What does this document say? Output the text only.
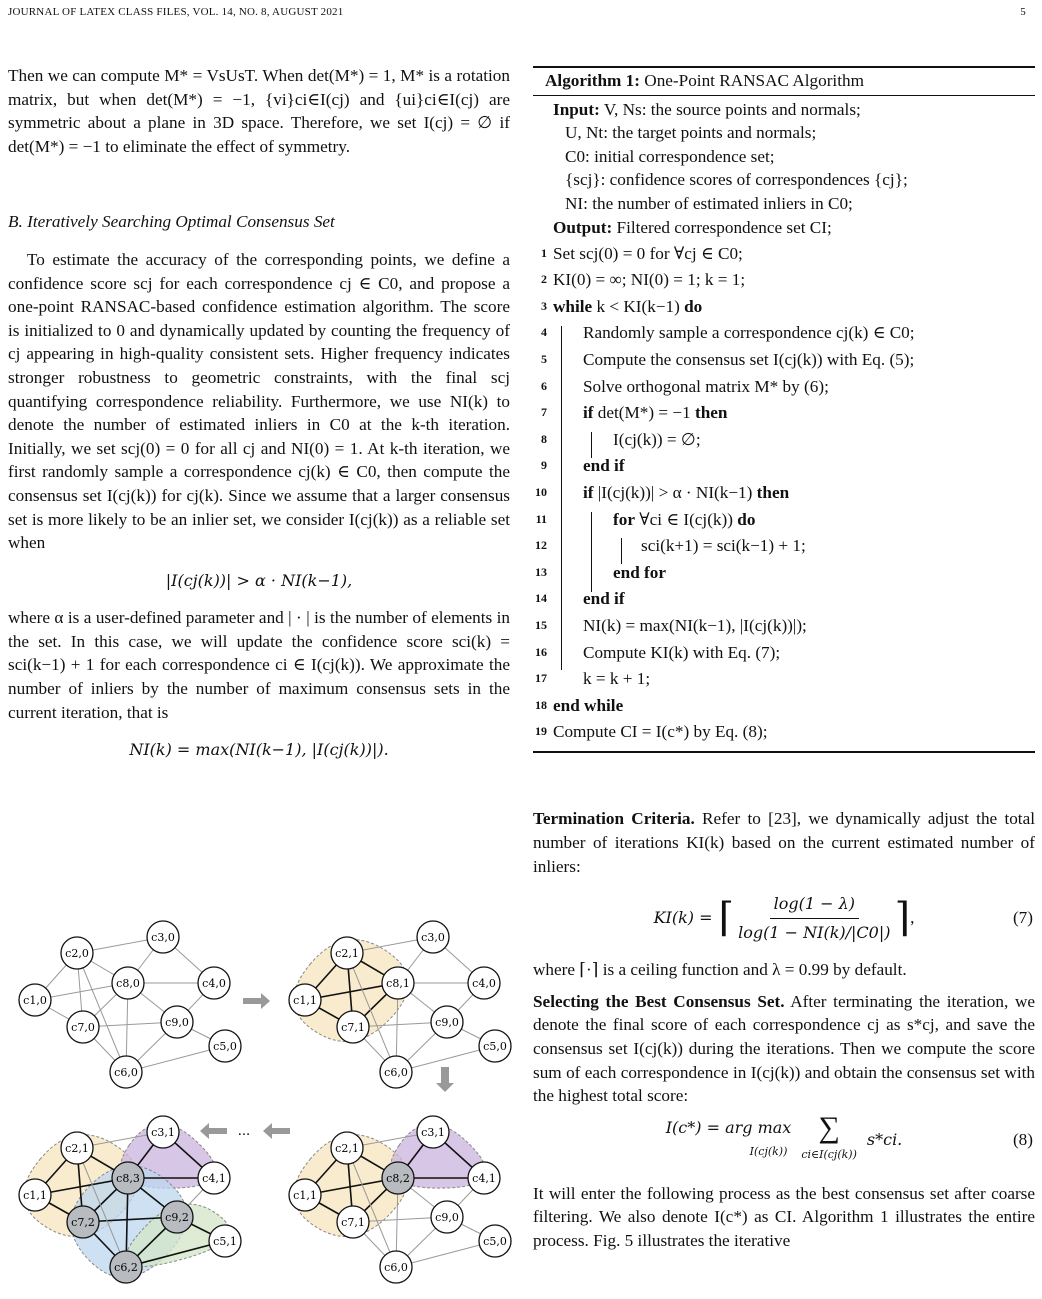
JOURNAL OF LATEX CLASS FILES, VOL. 14, NO. 8, AUGUST 2021	5

Then we can compute M* = VsUsT. When det(M*) = 1, M* is a rotation matrix, but when det(M*) = −1, {vi}ci∈I(cj) and {ui}ci∈I(cj) are symmetric about a plane in 3D space. Therefore, we set I(cj) = ∅ if det(M*) = −1 to eliminate the effect of symmetry.

B. Iteratively Searching Optimal Consensus Set

To estimate the accuracy of the corresponding points, we define a confidence score scj for each correspondence cj ∈ C0, and propose a one-point RANSAC-based confidence estimation algorithm. The score is initialized to 0 and dynamically updated by counting the frequency of cj appearing in high-quality consistent sets. Higher frequency indicates stronger robustness to geometric constraints, with the final scj quantifying correspondence reliability. Furthermore, we use NI(k) to denote the number of estimated inliers in C0 at the k-th iteration. Initially, we set scj(0) = 0 for all cj and NI(0) = 1. At k-th iteration, we first randomly sample a correspondence cj(k) ∈ C0, then compute the consensus set I(cj(k)) for cj(k). Since we assume that a larger consensus set is more likely to be an inlier set, we consider I(cj(k)) as a reliable set when

|I(cj(k))| > α · NI(k−1),

where α is a user-defined parameter and | · | is the number of elements in the set. In this case, we will update the confidence score sci(k) = sci(k−1) + 1 for each correspondence ci ∈ I(cj(k)). We approximate the number of inliers by the number of maximum consensus sets in the current iteration, that is

NI(k) = max(NI(k−1), |I(cj(k))|).
Algorithm 1: One-Point RANSAC Algorithm
Input: V, Ns: the source points and normals;
U, Nt: the target points and normals;
C0: initial correspondence set;
{scj}: confidence scores of correspondences {cj};
NI: the number of estimated inliers in C0;
Output: Filtered correspondence set CI;
1 Set scj(0) = 0 for ∀cj ∈ C0;
2 KI(0) = ∞; NI(0) = 1; k = 1;
3 while k < KI(k−1) do
4 Randomly sample a correspondence cj(k) ∈ C0;
5 Compute the consensus set I(cj(k)) with Eq. (5);
6 Solve orthogonal matrix M* by (6);
7 if det(M*) = −1 then
8	I(cj(k)) = ∅;
9 end if
10 if |I(cj(k))| > α · NI(k−1) then
11	for ∀ci ∈ I(cj(k)) do
12	sci(k+1) = sci(k−1) + 1;
13	end for
14 end if
15 NI(k) = max(NI(k−1), |I(cj(k))|);
16 Compute KI(k) with Eq. (7);
17 k = k + 1;
18 end while
19 Compute CI = I(c*) by Eq. (8);

Termination Criteria. Refer to [23], we dynamically adjust the total number of iterations KI(k) based on the current estimated number of inliers:

KI(k) = ⌈ $\frac{\log(1 - \lambda)}{\log(1 - NI(k)/|C0|)}$ ⌉ ,	(7)

where ⌈·⌉ is a ceiling function and λ = 0.99 by default.

Selecting the Best Consensus Set. After terminating the iteration, we denote the final score of each correspondence cj as s*cj, and save the consensus set I(cj(k)) during the iterations. Then we compute the score sum of each correspondence in I(cj(k)) and obtain the consensus set with the highest total score:

I(c*) = arg max
I(cj(k))
∑
ci∈I(cj(k))
s*ci.	(8)

It will enter the following process as the best consensus set after coarse filtering. We also denote I(c*) as CI. Algorithm 1 illustrates the entire process. Fig. 5 illustrates the iterative

c2,0
c3,0
c8,0	c4,0
c1,0
c9,0
c7,0
c5,0
c6,0
c2,1
c3,0
c8,1	c4,0
c1,1
c9,0
c7,1
c5,0
c6,0
c2,1
c3,1
c8,2	c4,1
c1,1
c9,0
c7,1
c5,0
c6,0
c2,1
c3,1
c8,3	c4,1
c1,1
c9,2
c7,2
c5,1
c6,2
...
